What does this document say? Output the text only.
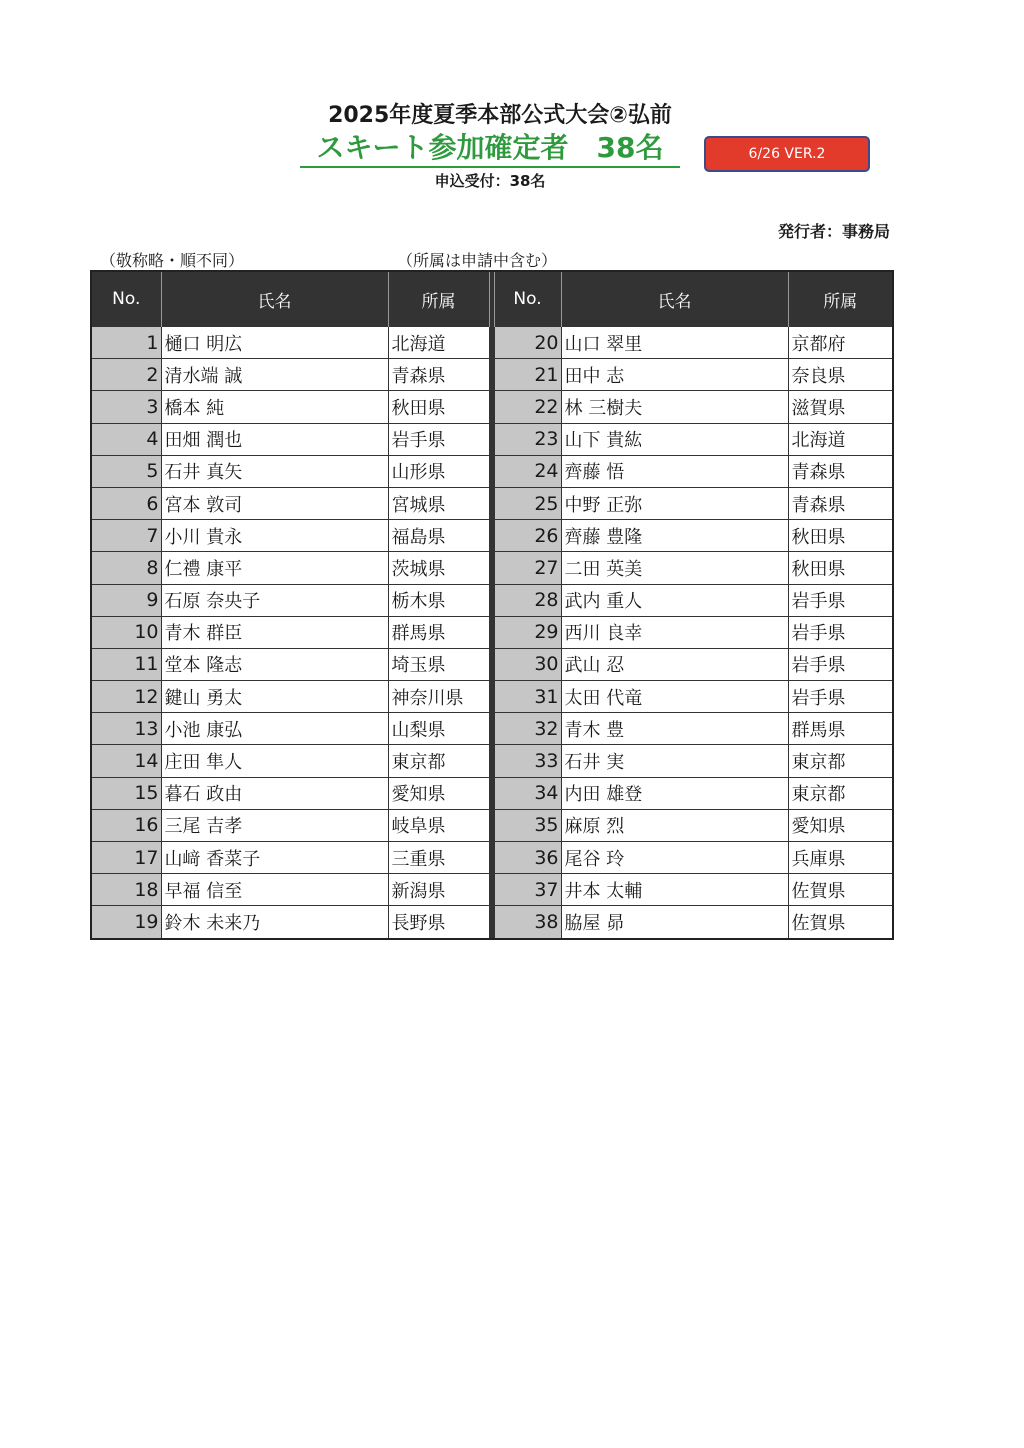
2025年度夏季本部公式大会②弘前
スキート参加確定者　38名	6/26 VER.2
申込受付：38名
発行者：事務局
（敬称略・順不同）	（所属は申請中含む）
No.	氏名	所属		No.	氏名	所属
1	樋口 明広	北海道		20	山口 翠里	京都府
2	清水端 誠	青森県		21	田中 志	奈良県
3	橋本 純	秋田県		22	林 三樹夫	滋賀県
4	田畑 潤也	岩手県		23	山下 貴紘	北海道
5	石井 真矢	山形県		24	齊藤 悟	青森県
6	宮本 敦司	宮城県		25	中野 正弥	青森県
7	小川 貴永	福島県		26	齊藤 豊隆	秋田県
8	仁禮 康平	茨城県		27	二田 英美	秋田県
9	石原 奈央子	栃木県		28	武内 重人	岩手県
10	青木 群臣	群馬県		29	西川 良幸	岩手県
11	堂本 隆志	埼玉県		30	武山 忍	岩手県
12	鍵山 勇太	神奈川県		31	太田 代竜	岩手県
13	小池 康弘	山梨県		32	青木 豊	群馬県
14	庄田 隼人	東京都		33	石井 実	東京都
15	暮石 政由	愛知県		34	内田 雄登	東京都
16	三尾 吉孝	岐阜県		35	麻原 烈	愛知県
17	山﨑 香菜子	三重県		36	尾谷 玲	兵庫県
18	早福 信至	新潟県		37	井本 太輔	佐賀県
19	鈴木 未来乃	長野県		38	脇屋 昴	佐賀県
